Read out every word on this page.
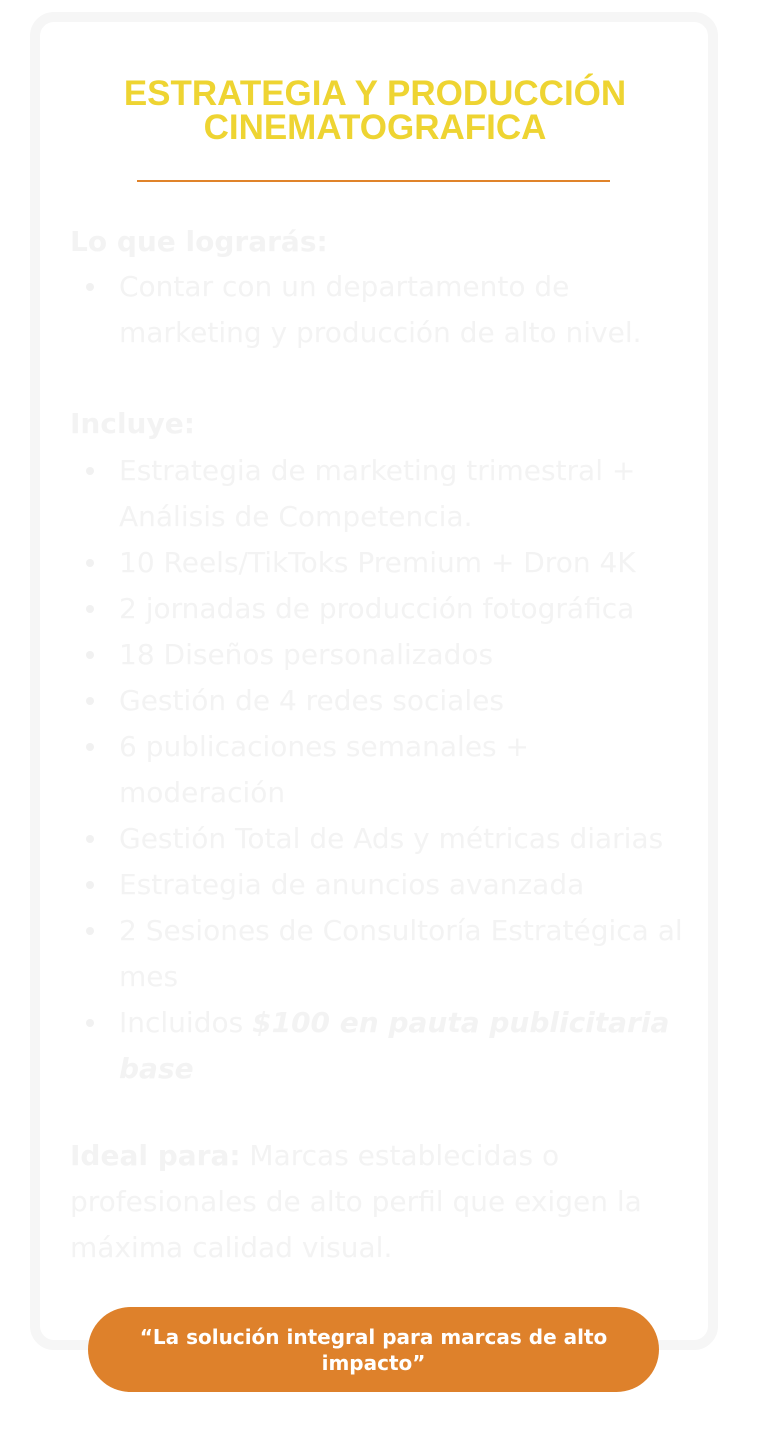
ESTRATEGIA Y PRODUCCIÓN
CINEMATOGRAFICA

Lo que lograrás:

Contar con un departamento de marketing y producción de alto nivel.

Incluye:

Estrategia de marketing trimestral + Análisis de Competencia.
10 Reels/TikToks Premium + Dron 4K
2 jornadas de producción fotográfica
18 Diseños personalizados
Gestión de 4 redes sociales
6 publicaciones semanales + moderación
Gestión Total de Ads y métricas diarias
Estrategia de anuncios avanzada
2 Sesiones de Consultoría Estratégica al mes
Incluidos $100 en pauta publicitaria base

Ideal para: Marcas establecidas o profesionales de alto perfil que exigen la máxima calidad visual.

“La solución integral para marcas de alto impacto”
